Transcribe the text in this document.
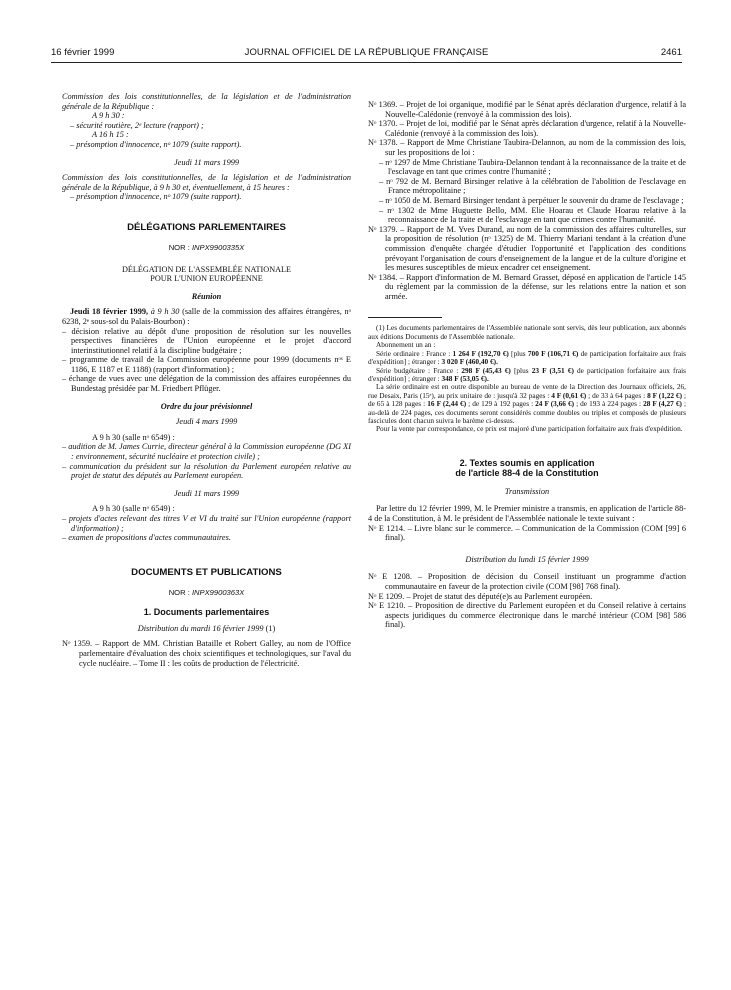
16 février 1999	JOURNAL OFFICIEL DE LA RÉPUBLIQUE FRANÇAISE	2461

Commission des lois constitutionnelles, de la législation et de l'administration générale de la République :

A 9 h 30 :

– sécurité routière, 2ᵉ lecture (rapport) ;

A 16 h 15 :

– présomption d'innocence, nᵒ 1079 (suite rapport).

Jeudi 11 mars 1999

Commission des lois constitutionnelles, de la législation et de l'administration générale de la République, à 9 h 30 et, éventuellement, à 15 heures :

– présomption d'innocence, nᵒ 1079 (suite rapport).

DÉLÉGATIONS PARLEMENTAIRES

NOR : INPX9900335X

DÉLÉGATION DE L'ASSEMBLÉE NATIONALE

POUR L'UNION EUROPÉENNE

Réunion

Jeudi 18 février 1999, à 9 h 30 (salle de la commission des affaires étrangères, nᵒ 6238, 2ᵉ sous-sol du Palais-Bourbon) :

– décision relative au dépôt d'une proposition de résolution sur les nouvelles perspectives financières de l'Union européenne et le projet d'accord interinstitutionnel relatif à la discipline budgétaire ;

– programme de travail de la Commission européenne pour 1999 (documents nᵒˢ E 1186, E 1187 et E 1188) (rapport d'information) ;

– échange de vues avec une délégation de la commission des affaires européennes du Bundestag présidée par M. Friedbert Pflüger.

Ordre du jour prévisionnel

Jeudi 4 mars 1999

A 9 h 30 (salle nᵒ 6549) :

– audition de M. James Currie, directeur général à la Commission européenne (DG XI : environnement, sécurité nucléaire et protection civile) ;

– communication du président sur la résolution du Parlement européen relative au projet de statut des députés au Parlement européen.

Jeudi 11 mars 1999

A 9 h 30 (salle nᵒ 6549) :

– projets d'actes relevant des titres V et VI du traité sur l'Union européenne (rapport d'information) ;

– examen de propositions d'actes communautaires.

DOCUMENTS ET PUBLICATIONS

NOR : INPX9900363X

1. Documents parlementaires

Distribution du mardi 16 février 1999 (1)

Nᵒ 1359. – Rapport de MM. Christian Bataille et Robert Galley, au nom de l'Office parlementaire d'évaluation des choix scientifiques et technologiques, sur l'aval du cycle nucléaire. – Tome II : les coûts de production de l'électricité.

Nᵒ 1369. – Projet de loi organique, modifié par le Sénat après déclaration d'urgence, relatif à la Nouvelle-Calédonie (renvoyé à la commission des lois).

Nᵒ 1370. – Projet de loi, modifié par le Sénat après déclaration d'urgence, relatif à la Nouvelle-Calédonie (renvoyé à la commission des lois).

Nᵒ 1378. – Rapport de Mme Christiane Taubira-Delannon, au nom de la commission des lois, sur les propositions de loi :

– nᵒ 1297 de Mme Christiane Taubira-Delannon tendant à la reconnaissance de la traite et de l'esclavage en tant que crimes contre l'humanité ;

– nᵒ 792 de M. Bernard Birsinger relative à la célébration de l'abolition de l'esclavage en France métropolitaine ;

– nᵒ 1050 de M. Bernard Birsinger tendant à perpétuer le souvenir du drame de l'esclavage ;

– nᵒ 1302 de Mme Huguette Bello, MM. Elie Hoarau et Claude Hoarau relative à la reconnaissance de la traite et de l'esclavage en tant que crimes contre l'humanité.

Nᵒ 1379. – Rapport de M. Yves Durand, au nom de la commission des affaires culturelles, sur la proposition de résolution (nᵒ 1325) de M. Thierry Mariani tendant à la création d'une commission d'enquête chargée d'étudier l'opportunité et l'application des conditions prévoyant l'organisation de cours d'enseignement de la langue et de la culture d'origine et les mesures susceptibles de mieux encadrer cet enseignement.

Nᵒ 1384. – Rapport d'information de M. Bernard Grasset, déposé en application de l'article 145 du règlement par la commission de la défense, sur les relations entre la nation et son armée.

(1) Les documents parlementaires de l'Assemblée nationale sont servis, dès leur publication, aux abonnés aux éditions Documents de l'Assemblée nationale.

Abonnement un an :

Série ordinaire : France : 1 264 F (192,70 €) [plus 700 F (106,71 €) de participation forfaitaire aux frais d'expédition] ; étranger : 3 020 F (460,40 €).

Série budgétaire : France : 298 F (45,43 €) [plus 23 F (3,51 €) de participation forfaitaire aux frais d'expédition] ; étranger : 348 F (53,05 €).

La série ordinaire est en outre disponible au bureau de vente de la Direction des Journaux officiels, 26, rue Desaix, Paris (15ᵉ), au prix unitaire de : jusqu'à 32 pages : 4 F (0,61 €) ; de 33 à 64 pages : 8 F (1,22 €) ; de 65 à 128 pages : 16 F (2,44 €) ; de 129 à 192 pages : 24 F (3,66 €) ; de 193 à 224 pages : 28 F (4,27 €) ; au-delà de 224 pages, ces documents seront considérés comme doubles ou triples et composés de plusieurs fascicules dont chacun suivra le barème ci-dessus.

Pour la vente par correspondance, ce prix est majoré d'une participation forfaitaire aux frais d'expédition.

2. Textes soumis en application

de l'article 88-4 de la Constitution

Transmission

Par lettre du 12 février 1999, M. le Premier ministre a transmis, en application de l'article 88-4 de la Constitution, à M. le président de l'Assemblée nationale le texte suivant :

Nᵒ E 1214. – Livre blanc sur le commerce. – Communication de la Commission (COM [99] 6 final).

Distribution du lundi 15 février 1999

Nᵒ E 1208. – Proposition de décision du Conseil instituant un programme d'action communautaire en faveur de la protection civile (COM [98] 768 final).

Nᵒ E 1209. – Projet de statut des député(e)s au Parlement européen.

Nᵒ E 1210. – Proposition de directive du Parlement européen et du Conseil relative à certains aspects juridiques du commerce électronique dans le marché intérieur (COM [98] 586 final).
